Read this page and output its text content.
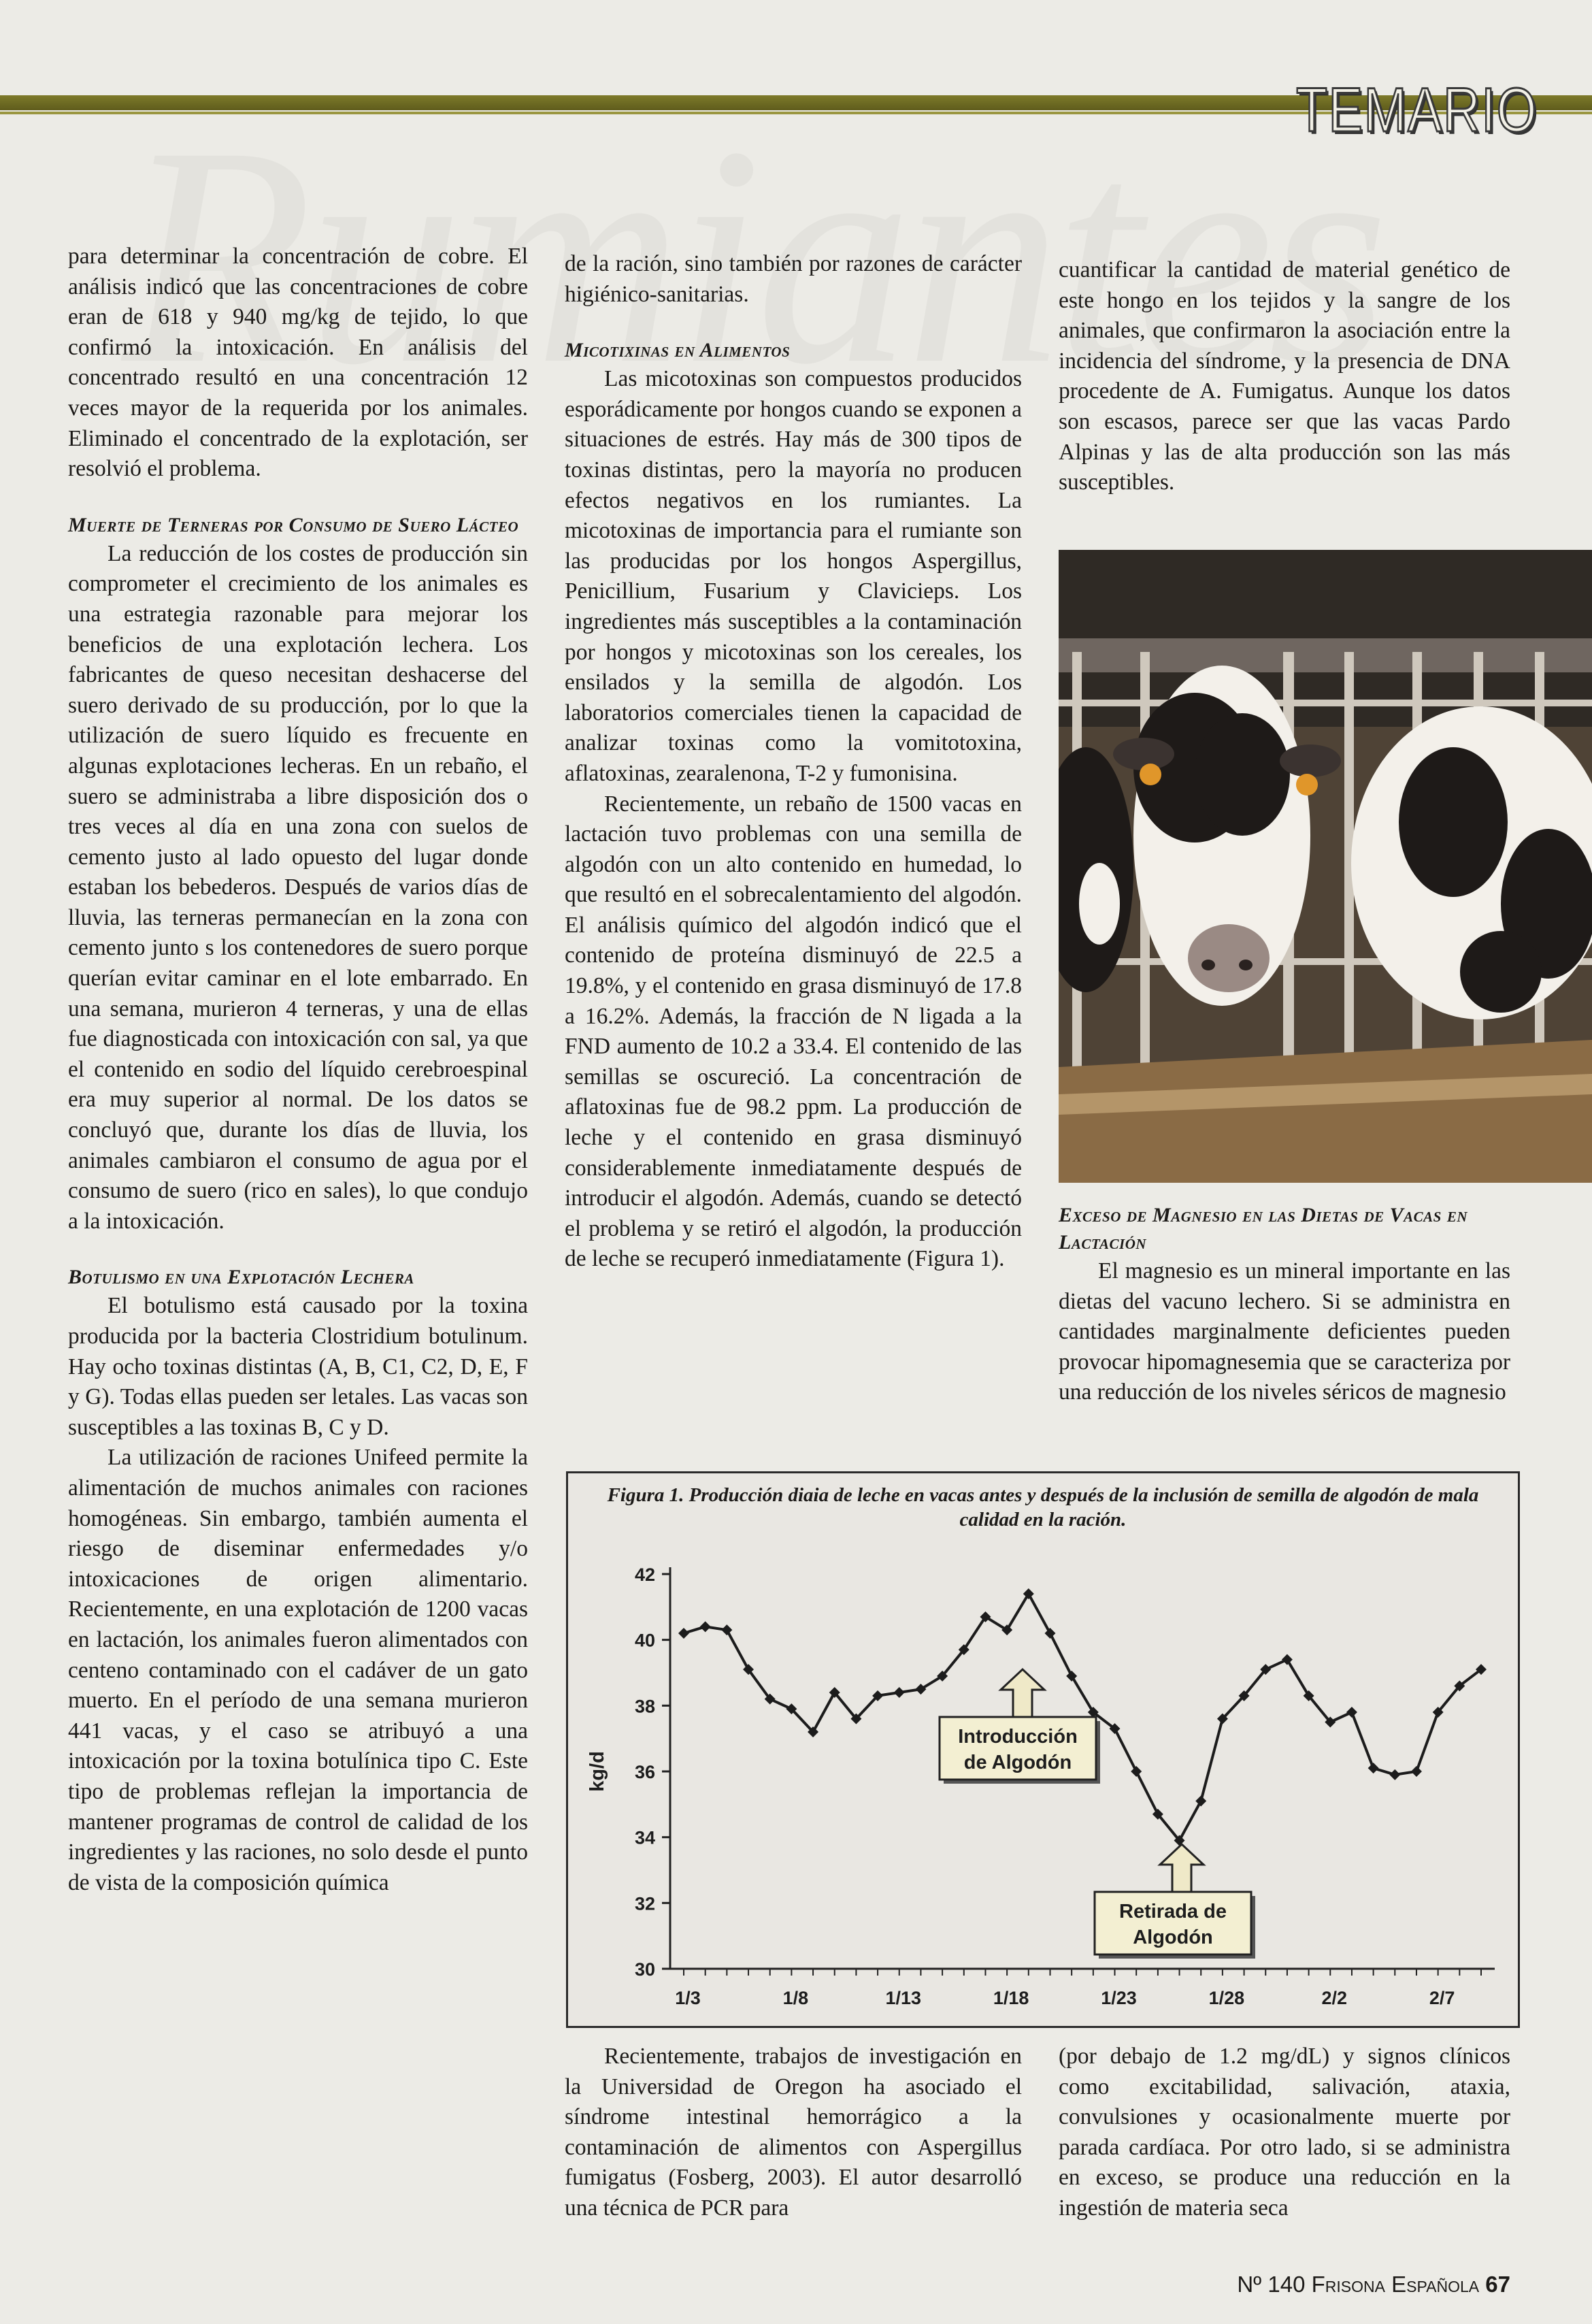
TEMARIO

para determinar la concentración de cobre. El análisis indicó que las concentraciones de cobre eran de 618 y 940 mg/kg de tejido, lo que confirmó la intoxicación. En análisis del concentrado resultó en una concentración 12 veces mayor de la requerida por los animales. Eliminado el concentrado de la explotación, ser resolvió el problema.

Muerte de Terneras por Consumo de Suero Lácteo

La reducción de los costes de producción sin comprometer el crecimiento de los animales es una estrategia razonable para mejorar los beneficios de una explotación lechera. Los fabricantes de queso necesitan deshacerse del suero derivado de su producción, por lo que la utilización de suero líquido es frecuente en algunas explotaciones lecheras. En un rebaño, el suero se administraba a libre disposición dos o tres veces al día en una zona con suelos de cemento justo al lado opuesto del lugar donde estaban los bebederos. Después de varios días de lluvia, las terneras permanecían en la zona con cemento junto s los contenedores de suero porque querían evitar caminar en el lote embarrado. En una semana, murieron 4 terneras, y una de ellas fue diagnosticada con intoxicación con sal, ya que el contenido en sodio del líquido cerebroespinal era muy superior al normal. De los datos se concluyó que, durante los días de lluvia, los animales cambiaron el consumo de agua por el consumo de suero (rico en sales), lo que condujo a la intoxicación.

Botulismo en una Explotación Lechera

El botulismo está causado por la toxina producida por la bacteria Clostridium botulinum. Hay ocho toxinas distintas (A, B, C1, C2, D, E, F y G). Todas ellas pueden ser letales. Las vacas son susceptibles a las toxinas B, C y D.

La utilización de raciones Unifeed permite la alimentación de muchos animales con raciones homogéneas. Sin embargo, también aumenta el riesgo de diseminar enfermedades y/o intoxicaciones de origen alimentario. Recientemente, en una explotación de 1200 vacas en lactación, los animales fueron alimentados con centeno contaminado con el cadáver de un gato muerto. En el período de una semana murieron 441 vacas, y el caso se atribuyó a una intoxicación por la toxina botulínica tipo C. Este tipo de problemas reflejan la importancia de mantener programas de control de calidad de los ingredientes y las raciones, no solo desde el punto de vista de la composición química

de la ración, sino también por razones de carácter higiénico-sanitarias.

Micotixinas en Alimentos

Las micotoxinas son compuestos producidos esporádicamente por hongos cuando se exponen a situaciones de estrés. Hay más de 300 tipos de toxinas distintas, pero la mayoría no producen efectos negativos en los rumiantes. La micotoxinas de importancia para el rumiante son las producidas por los hongos Aspergillus, Penicillium, Fusarium y Clavicieps. Los ingredientes más susceptibles a la contaminación por hongos y micotoxinas son los cereales, los ensilados y la semilla de algodón. Los laboratorios comerciales tienen la capacidad de analizar toxinas como la vomitotoxina, aflatoxinas, zearalenona, T-2 y fumonisina.

Recientemente, un rebaño de 1500 vacas en lactación tuvo problemas con una semilla de algodón con un alto contenido en humedad, lo que resultó en el sobrecalentamiento del algodón. El análisis químico del algodón indicó que el contenido de proteína disminuyó de 22.5 a 19.8%, y el contenido en grasa disminuyó de 17.8 a 16.2%. Además, la fracción de N ligada a la FND aumento de 10.2 a 33.4. El contenido de las semillas se oscureció. La concentración de aflatoxinas fue de 98.2 ppm. La producción de leche y el contenido en grasa disminuyó considerablemente inmediatamente después de introducir el algodón. Además, cuando se detectó el problema y se retiró el algodón, la producción de leche se recuperó inmediatamente (Figura 1).

cuantificar la cantidad de material genético de este hongo en los tejidos y la sangre de los animales, que confirmaron la asociación entre la incidencia del síndrome, y la presencia de DNA procedente de A. Fumigatus. Aunque los datos son escasos, parece ser que las vacas Pardo Alpinas y las de alta producción son las más susceptibles.

Exceso de Magnesio en las Dietas de Vacas en Lactación

El magnesio es un mineral importante en las dietas del vacuno lechero. Si se administra en cantidades marginalmente deficientes pueden provocar hipomagnesemia que se caracteriza por una reducción de los niveles séricos de magnesio

Figura 1. Producción diaia de leche en vacas antes y después de la inclusión de semilla de algodón de mala calidad en la ración.
30
32
34
36
38
40
42
kg/d
1/3	1/8	1/13	1/18	1/23	1/28	2/2	2/7
Introducción
de Algodón
Retirada de
Algodón

Recientemente, trabajos de investigación en la Universidad de Oregon ha asociado el síndrome intestinal hemorrágico a la contaminación de alimentos con Aspergillus fumigatus (Fosberg, 2003). El autor desarrolló una técnica de PCR para

(por debajo de 1.2 mg/dL) y signos clínicos como excitabilidad, salivación, ataxia, convulsiones y ocasionalmente muerte por parada cardíaca. Por otro lado, si se administra en exceso, se produce una reducción en la ingestión de materia seca

Nº 140 Frisona Española 67
